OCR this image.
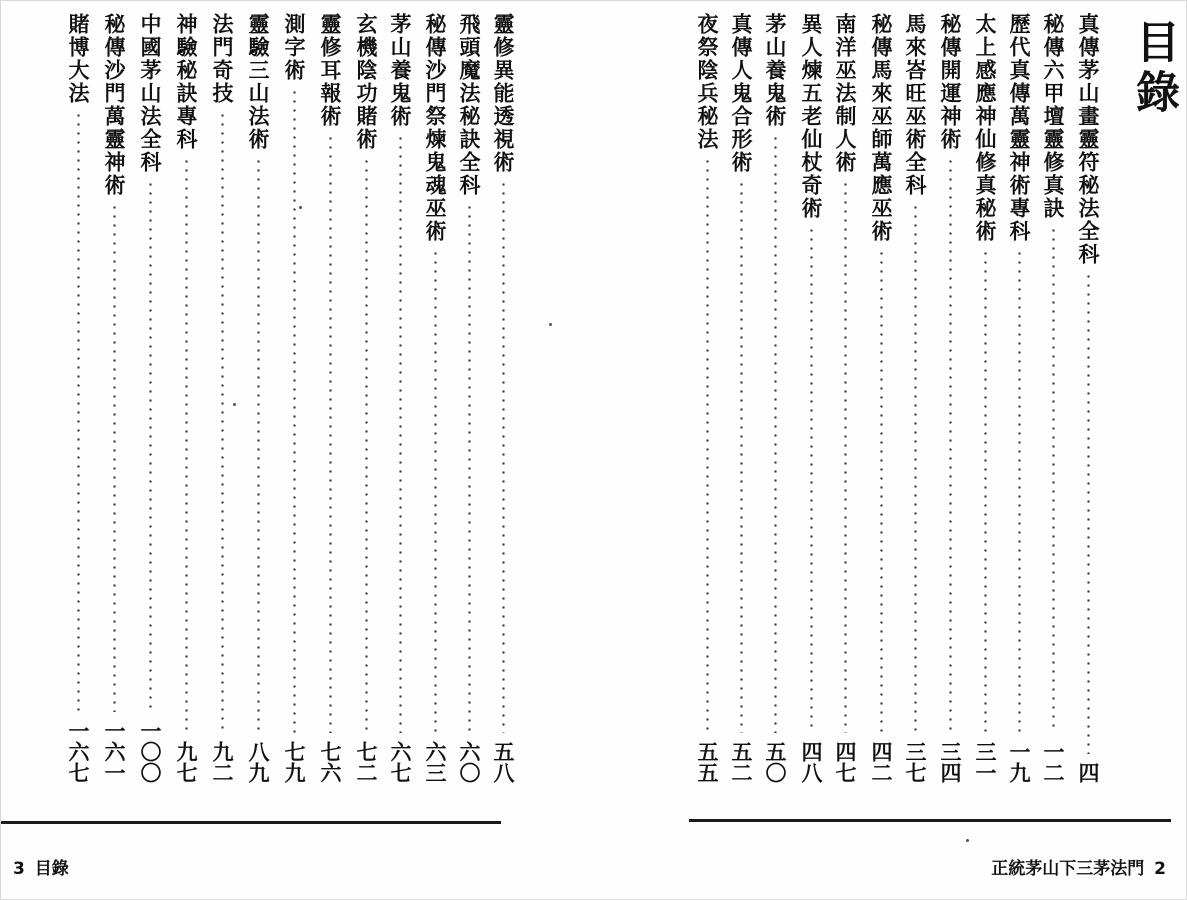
目錄
真傳茅山畫靈符秘法全科
四
秘傳六甲壇靈修真訣
一二
歷代真傳萬靈神術專科
一九
太上感應神仙修真秘術
三一
秘傳開運神術
三四
馬來峇旺巫術全科
三七
秘傳馬來巫師萬應巫術
四二
南洋巫法制人術
四七
異人煉五老仙杖奇術
四八
茅山養鬼術
五〇
真傳人鬼合形術
五二
夜祭陰兵秘法
五五
靈修異能透視術
五八
飛頭魔法秘訣全科
六〇
秘傳沙門祭煉鬼魂巫術
六三
茅山養鬼術
六七
玄機陰功賭術
七二
靈修耳報術
七六
測字術
七九
靈驗三山法術
八九
法門奇技
九二
神驗秘訣專科
九七
中國茅山法全科
一〇〇
秘傳沙門萬靈神術
一六一
賭博大法
一六七
3 目錄	正統茅山下三茅法門 2
